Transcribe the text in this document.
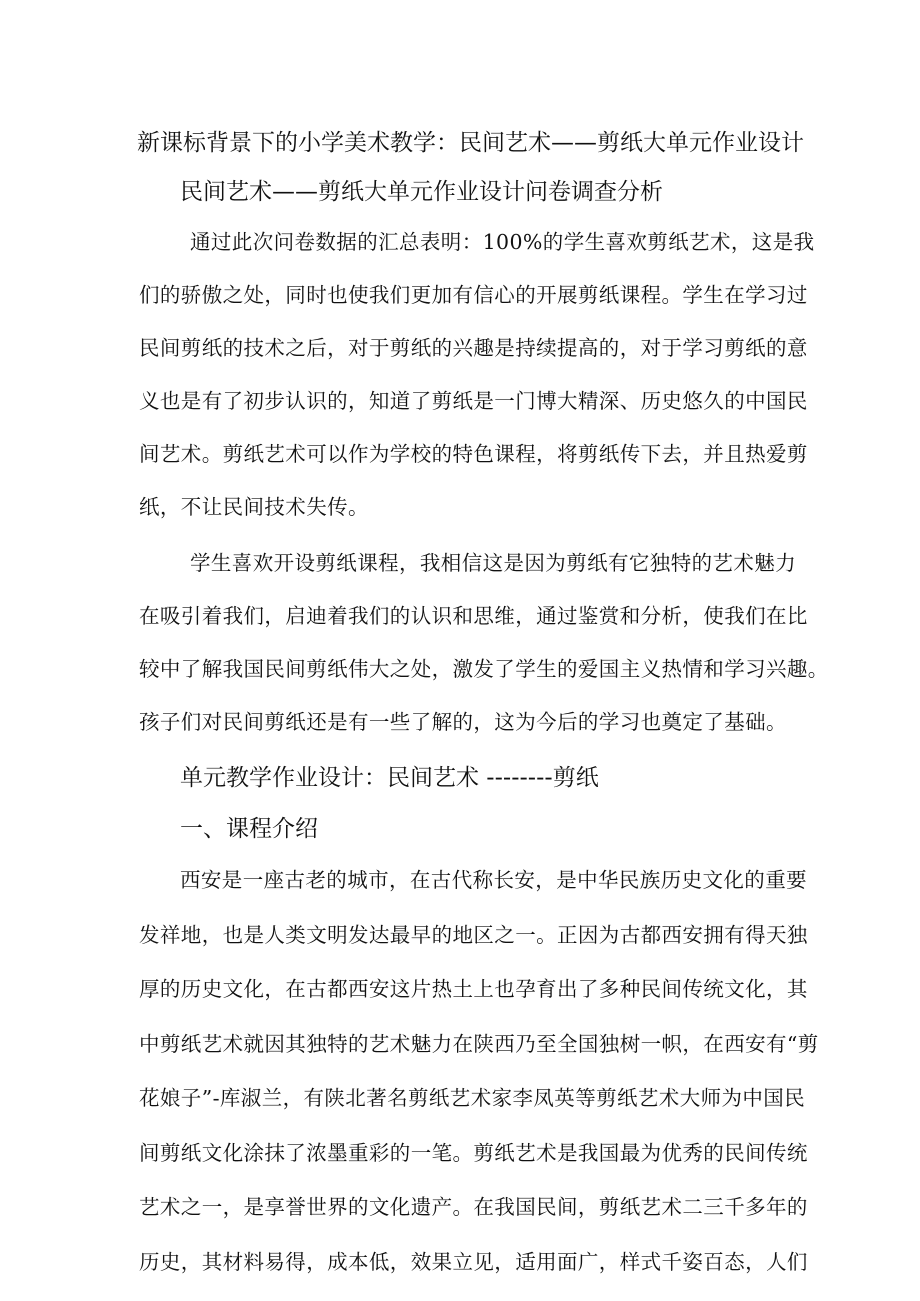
新课标背景下的小学美术教学：民间艺术——剪纸大单元作业设计
民间艺术——剪纸大单元作业设计问卷调查分析
通过此次问卷数据的汇总表明：100%的学生喜欢剪纸艺术，这是我
们的骄傲之处，同时也使我们更加有信心的开展剪纸课程。学生在学习过
民间剪纸的技术之后，对于剪纸的兴趣是持续提高的，对于学习剪纸的意
义也是有了初步认识的，知道了剪纸是一门博大精深、历史悠久的中国民
间艺术。剪纸艺术可以作为学校的特色课程，将剪纸传下去，并且热爱剪
纸，不让民间技术失传。
学生喜欢开设剪纸课程，我相信这是因为剪纸有它独特的艺术魅力
在吸引着我们，启迪着我们的认识和思维，通过鉴赏和分析，使我们在比
较中了解我国民间剪纸伟大之处，激发了学生的爱国主义热情和学习兴趣。
孩子们对民间剪纸还是有一些了解的，这为今后的学习也奠定了基础。
单元教学作业设计：民间艺术 --------剪纸
一、课程介绍
西安是一座古老的城市，在古代称长安，是中华民族历史文化的重要
发祥地，也是人类文明发达最早的地区之一。正因为古都西安拥有得天独
厚的历史文化，在古都西安这片热土上也孕育出了多种民间传统文化，其
中剪纸艺术就因其独特的艺术魅力在陕西乃至全国独树一帜，在西安有“剪
花娘子”-库淑兰，有陕北著名剪纸艺术家李凤英等剪纸艺术大师为中国民
间剪纸文化涂抹了浓墨重彩的一笔。剪纸艺术是我国最为优秀的民间传统
艺术之一，是享誉世界的文化遗产。在我国民间，剪纸艺术二三千多年的
历史，其材料易得，成本低，效果立见，适用面广，样式千姿百态，人们
